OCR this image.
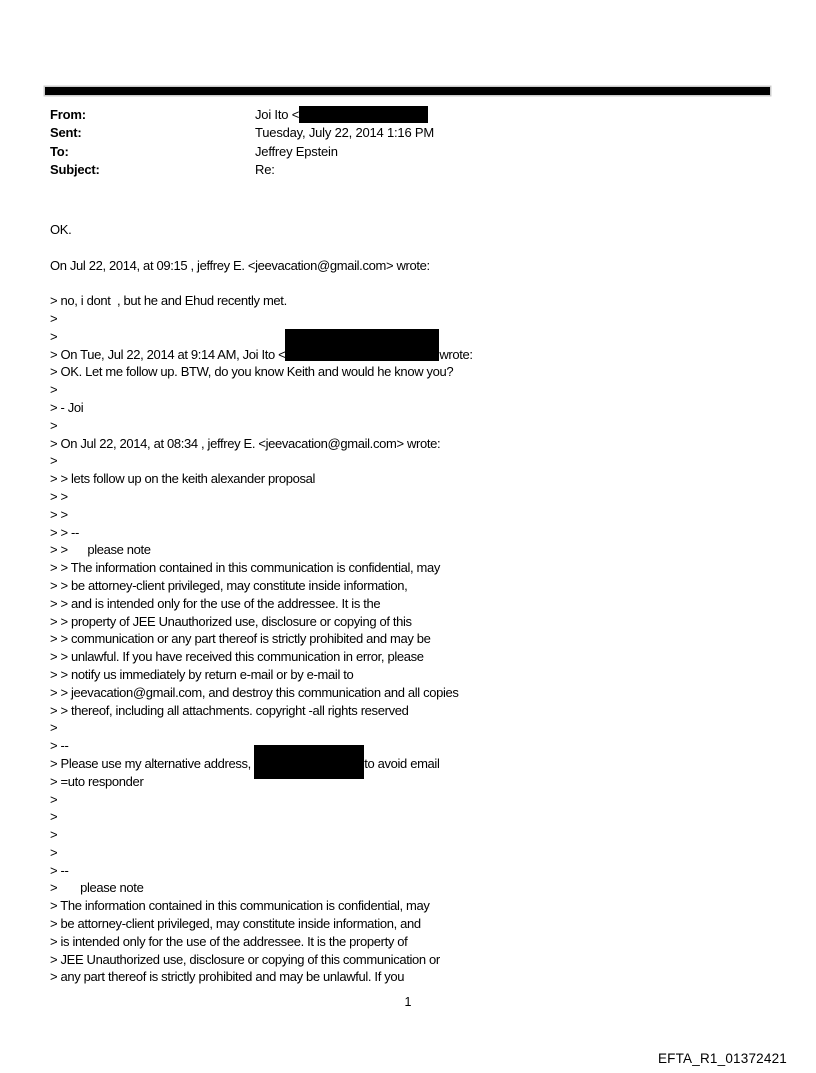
From:	Joi Ito <
Sent:	Tuesday, July 22, 2014 1:16 PM
To:	Jeffrey Epstein
Subject:	Re:
OK.
On Jul 22, 2014, at 09:15 , jeffrey E. <jeevacation@gmail.com> wrote:
> no, i dont  , but he and Ehud recently met.
>
>
> On Tue, Jul 22, 2014 at 9:14 AM, Joi Ito <	wrote:
> OK. Let me follow up. BTW, do you know Keith and would he know you?
>
> - Joi
>
> On Jul 22, 2014, at 08:34 , jeffrey E. <jeevacation@gmail.com> wrote:
>
> > lets follow up on the keith alexander proposal
> >
> >
> > --
> >      please note
> > The information contained in this communication is confidential, may
> > be attorney-client privileged, may constitute inside information,
> > and is intended only for the use of the addressee. It is the
> > property of JEE Unauthorized use, disclosure or copying of this
> > communication or any part thereof is strictly prohibited and may be
> > unlawful. If you have received this communication in error, please
> > notify us immediately by return e-mail or by e-mail to
> > jeevacation@gmail.com, and destroy this communication and all copies
> > thereof, including all attachments. copyright -all rights reserved
>
> --
> Please use my alternative address,	to avoid email
> =uto responder
>
>
>
>
> --
>       please note
> The information contained in this communication is confidential, may
> be attorney-client privileged, may constitute inside information, and
> is intended only for the use of the addressee. It is the property of
> JEE Unauthorized use, disclosure or copying of this communication or
> any part thereof is strictly prohibited and may be unlawful. If you
1
EFTA_R1_01372421
